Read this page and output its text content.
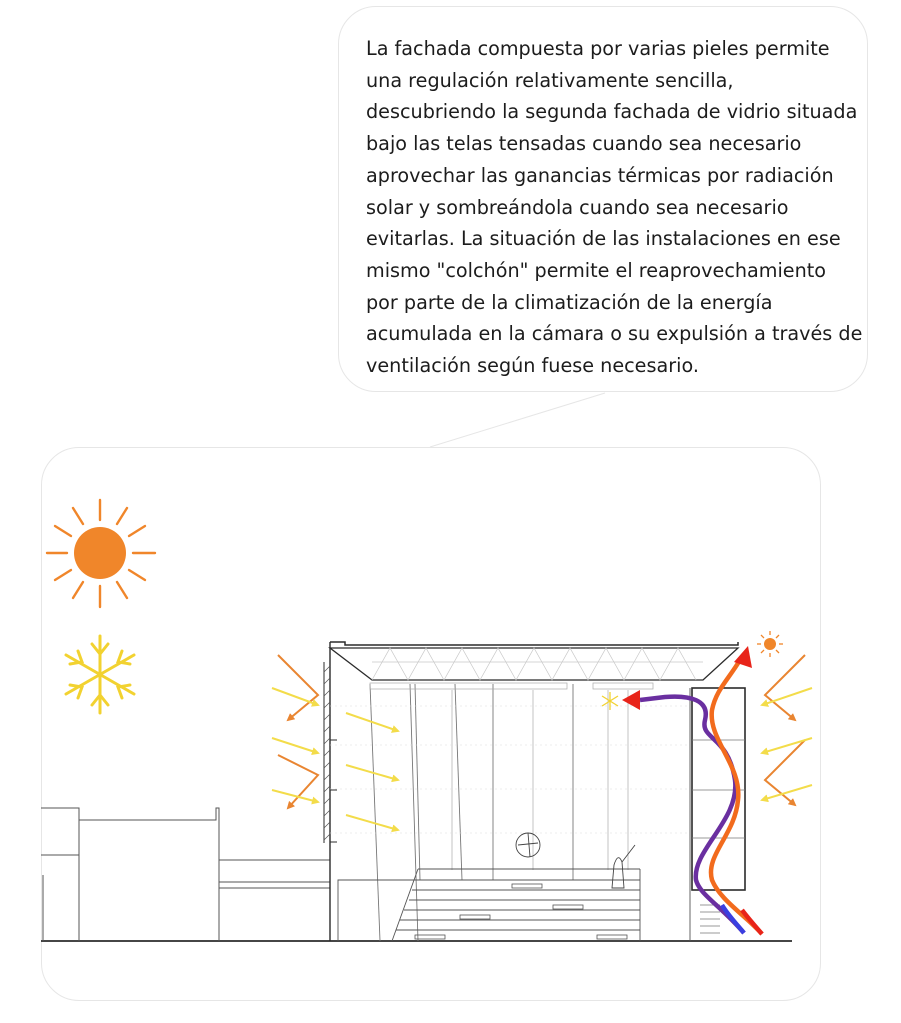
La fachada compuesta por varias pieles permite
una regulación relativamente sencilla,
descubriendo la segunda fachada de vidrio situada
bajo las telas tensadas cuando sea necesario
aprovechar las ganancias térmicas por radiación
solar y sombreándola cuando sea necesario
evitarlas. La situación de las instalaciones en ese
mismo "colchón" permite el reaprovechamiento
por parte de la climatización de la energía
acumulada en la cámara o su expulsión a través de
ventilación según fuese necesario.
